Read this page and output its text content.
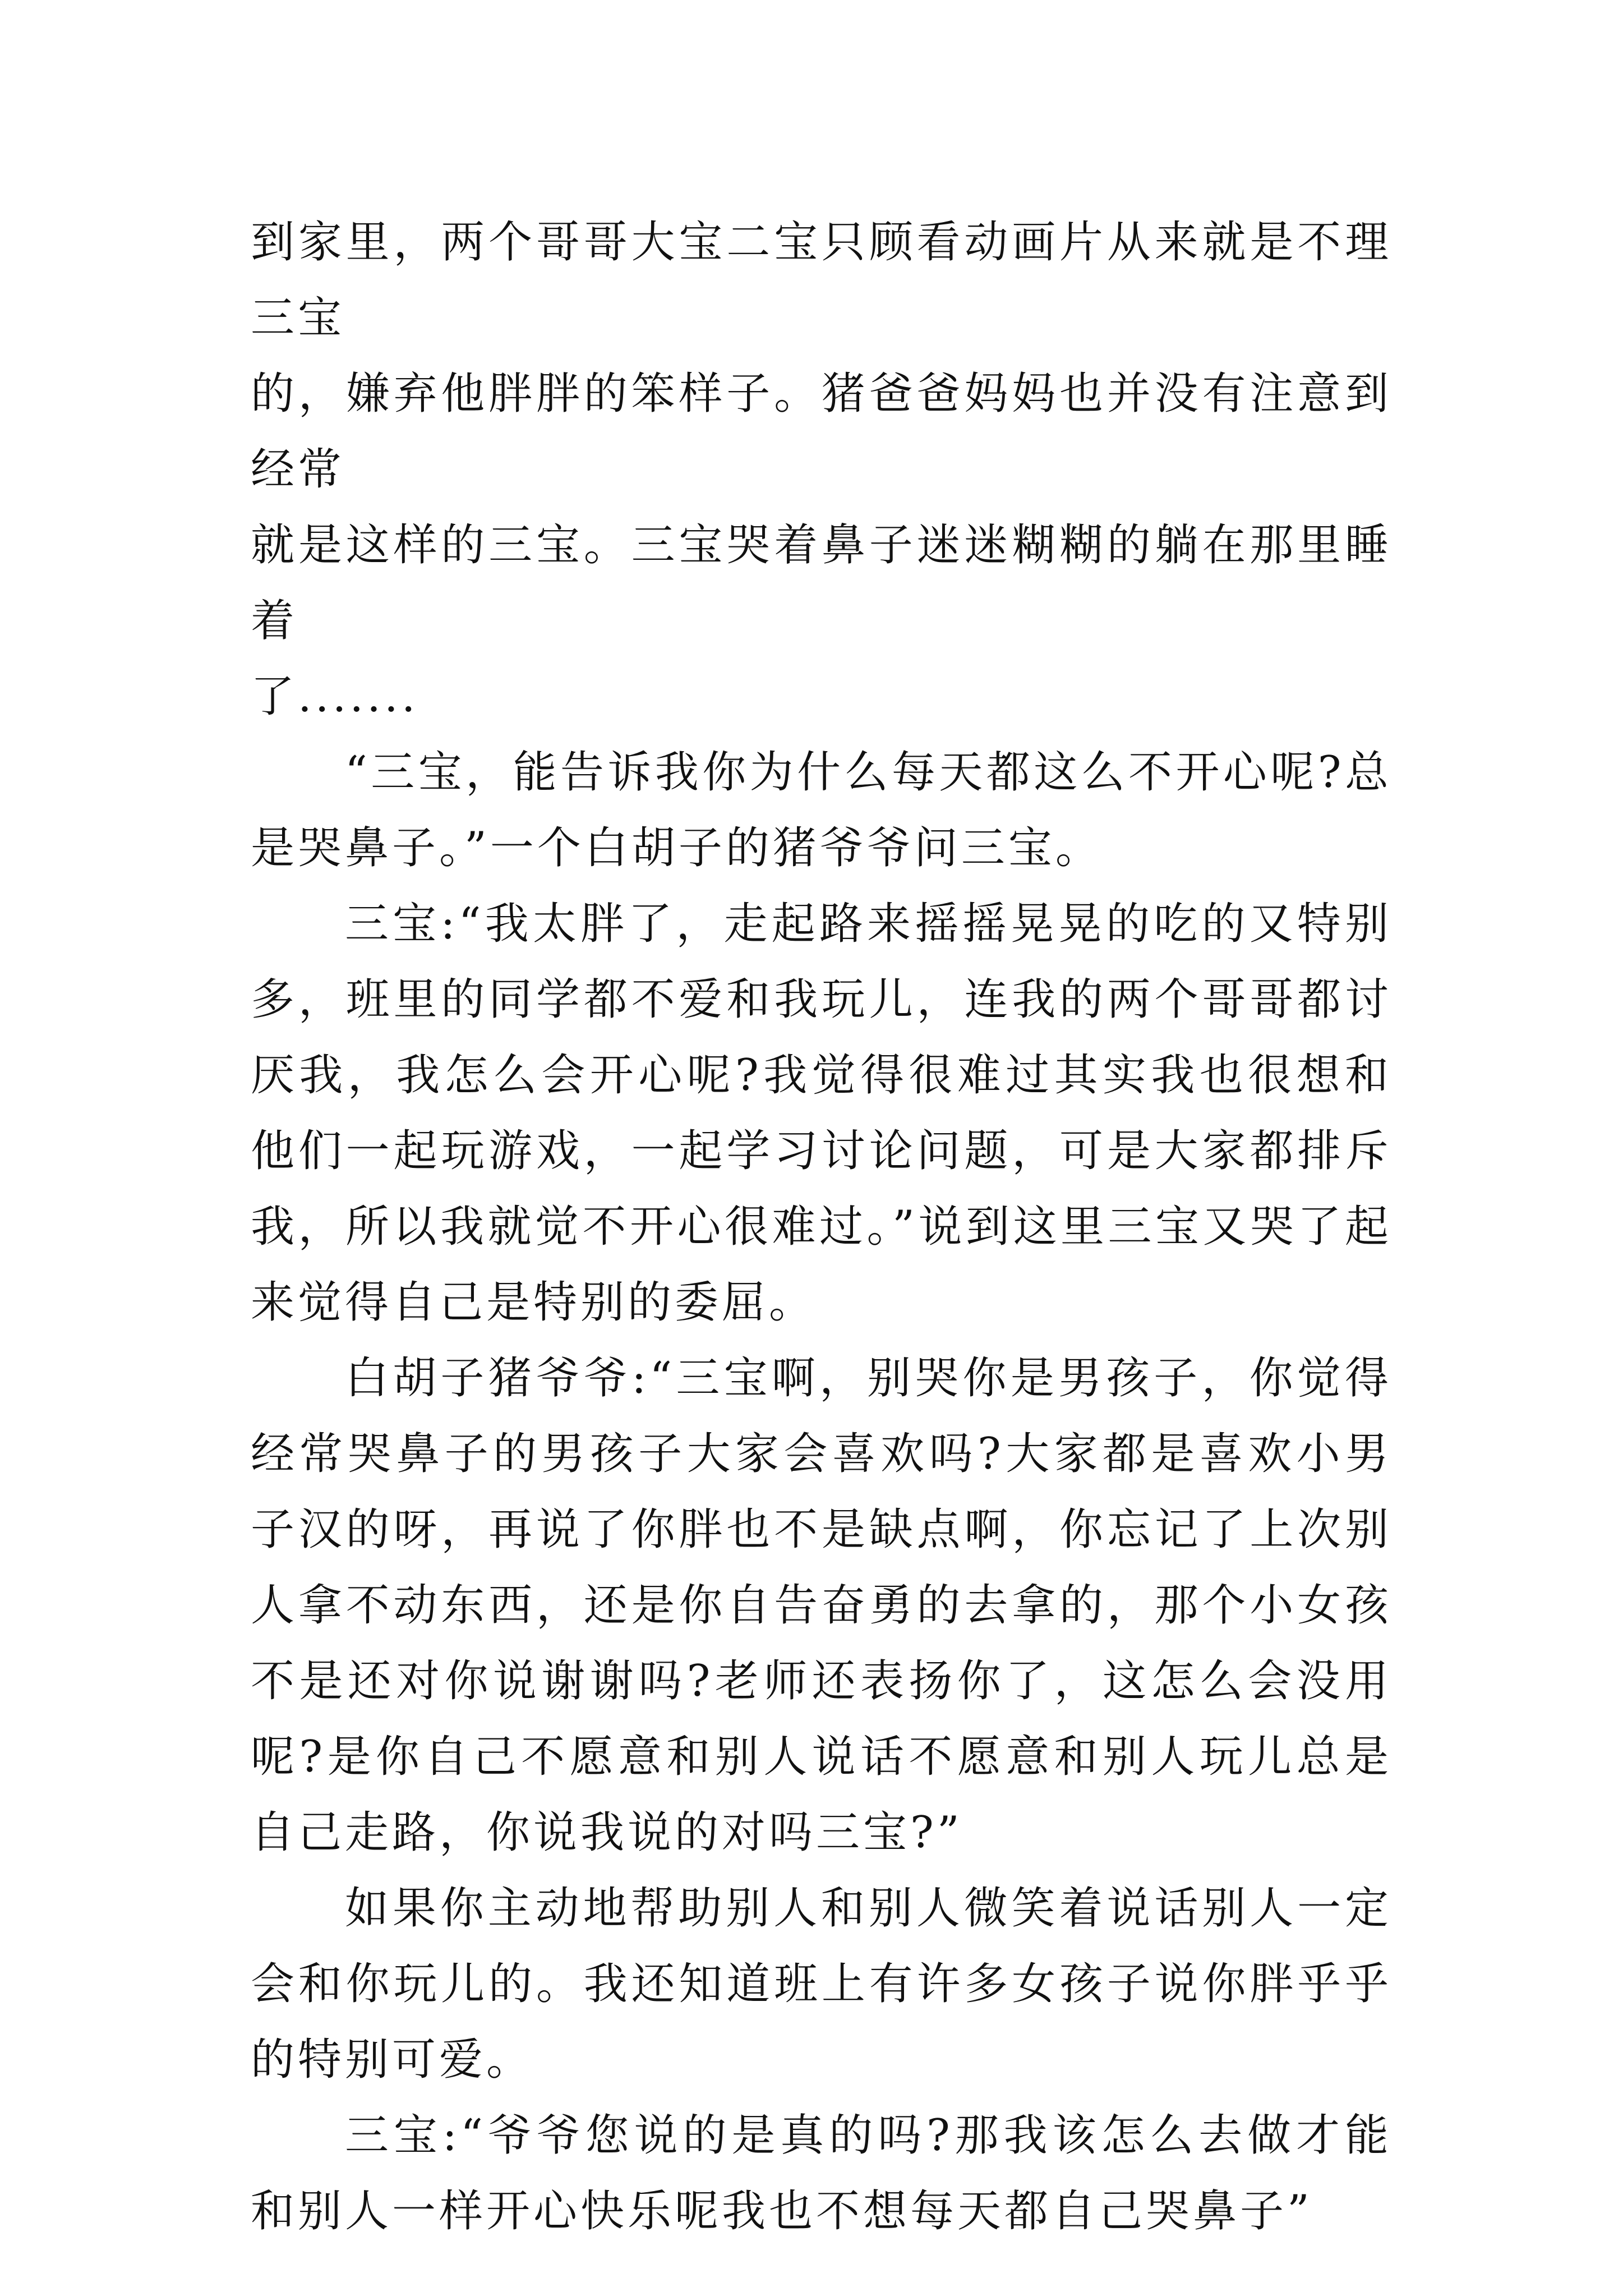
到家里，两个哥哥大宝二宝只顾看动画片从来就是不理三宝
的，嫌弃他胖胖的笨样子。猪爸爸妈妈也并没有注意到经常
就是这样的三宝。三宝哭着鼻子迷迷糊糊的躺在那里睡着
了.......

“三宝，能告诉我你为什么每天都这么不开心呢?总是哭鼻子。”一个白胡子的猪爷爷问三宝。

三宝:“我太胖了，走起路来摇摇晃晃的吃的又特别多，班里的同学都不爱和我玩儿，连我的两个哥哥都讨厌我，我怎么会开心呢?我觉得很难过其实我也很想和他们一起玩游戏，一起学习讨论问题，可是大家都排斥我，所以我就觉不开心很难过。”说到这里三宝又哭了起来觉得自己是特别的委屈。

白胡子猪爷爷:“三宝啊，别哭你是男孩子，你觉得经常哭鼻子的男孩子大家会喜欢吗?大家都是喜欢小男子汉的呀，再说了你胖也不是缺点啊，你忘记了上次别人拿不动东西，还是你自告奋勇的去拿的，那个小女孩不是还对你说谢谢吗?老师还表扬你了，这怎么会没用呢?是你自己不愿意和别人说话不愿意和别人玩儿总是自己走路，你说我说的对吗三宝?”

如果你主动地帮助别人和别人微笑着说话别人一定会和你玩儿的。我还知道班上有许多女孩子说你胖乎乎的特别可爱。

三宝:“爷爷您说的是真的吗?那我该怎么去做才能和别人一样开心快乐呢我也不想每天都自己哭鼻子”
